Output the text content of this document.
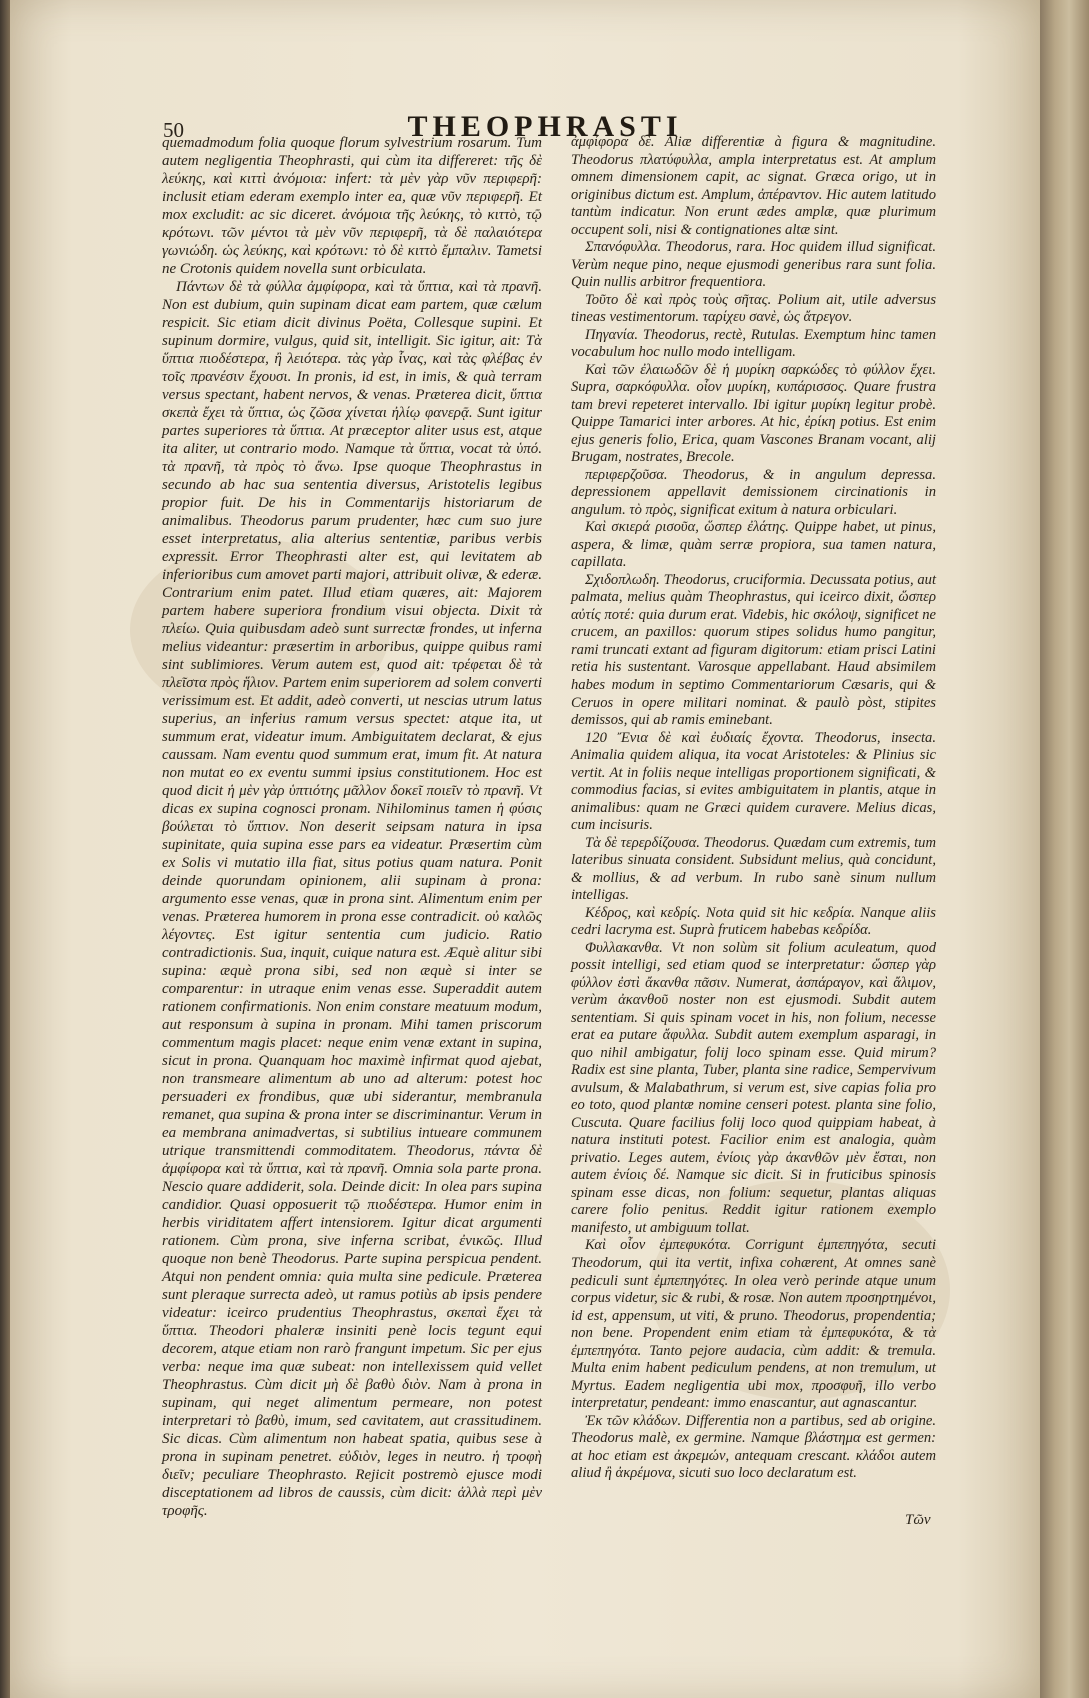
50	THEOPHRASTI

quemadmodum folia quoque florum sylvestrium rosarum. Tum autem negligentia Theophrasti, qui cùm ita differeret: τῆς δὲ λεύκης, καὶ κιττὶ ἀνόμοια: infert: τὰ μὲν γὰρ νῦν περιφερῆ: inclusit etiam ederam exemplo inter ea, quæ νῦν περιφερῆ. Et mox excludit: ac sic diceret. ἀνόμοια τῆς λεύκης, τὸ κιττὸ, τῷ κρότωνι. τῶν μέντοι τὰ μὲν νῦν περιφερῆ, τὰ δὲ παλαιότερα γωνιώδη. ὡς λεύκης, καὶ κρότωνι: τὸ δὲ κιττὸ ἔμπαλιν. Tametsi ne Crotonis quidem novella sunt orbiculata.

Πάντων δὲ τὰ φύλλα ἀμφίφορα, καὶ τὰ ὕπτια, καὶ τὰ πρανῆ. Non est dubium, quin supinam dicat eam partem, quæ cælum respicit. Sic etiam dicit divinus Poëta, Collesque supini. Et supinum dormire, vulgus, quid sit, intelligit. Sic igitur, ait: Τὰ ὕπτια πιοδέστερα, ἢ λειότερα. τὰς γὰρ ἶνας, καὶ τὰς φλέβας ἐν τοῖς πρανέσιν ἔχουσι. In pronis, id est, in imis, & quà terram versus spectant, habent nervos, & venas. Præterea dicit, ὕπτια σκεπὰ ἔχει τὰ ὕπτια, ὡς ζῶσα χίνεται ἠλίῳ φανερᾷ. Sunt igitur partes superiores τὰ ὕπτια. At præceptor aliter usus est, atque ita aliter, ut contrario modo. Namque τὰ ὕπτια, vocat τὰ ὑπό. τὰ πρανῆ, τὰ πρὸς τὸ ἄνω. Ipse quoque Theophrastus in secundo ab hac sua sententia diversus, Aristotelis legibus propior fuit. De his in Commentarijs historiarum de animalibus. Theodorus parum prudenter, hæc cum suo jure esset interpretatus, alia alterius sententiæ, paribus verbis expressit. Error Theophrasti alter est, qui levitatem ab inferioribus cum amovet parti majori, attribuit olivæ, & ederæ. Contrarium enim patet. Illud etiam quæres, ait: Majorem partem habere superiora frondium visui objecta. Dixit τὰ πλείω. Quia quibusdam adeò sunt surrectæ frondes, ut inferna melius videantur: præsertim in arboribus, quippe quibus rami sint sublimiores. Verum autem est, quod ait: τρέφεται δὲ τὰ πλεῖστα πρὸς ἥλιον. Partem enim superiorem ad solem converti verissimum est. Et addit, adeò converti, ut nescias utrum latus superius, an inferius ramum versus spectet: atque ita, ut summum erat, videatur imum. Ambiguitatem declarat, & ejus caussam. Nam eventu quod summum erat, imum fit. At natura non mutat eo ex eventu summi ipsius constitutionem. Hoc est quod dicit ἡ μὲν γὰρ ὑπτιότης μᾶλλον δοκεῖ ποιεῖν τὸ πρανῆ. Vt dicas ex supina cognosci pronam. Nihilominus tamen ἡ φύσις βούλεται τὸ ὕπτιον. Non deserit seipsam natura in ipsa supinitate, quia supina esse pars ea videatur. Præsertim cùm ex Solis vi mutatio illa fiat, situs potius quam natura. Ponit deinde quorundam opinionem, alii supinam à prona: argumento esse venas, quæ in prona sint. Alimentum enim per venas. Præterea humorem in prona esse contradicit. οὐ καλῶς λέγοντες. Est igitur sententia cum judicio. Ratio contradictionis. Sua, inquit, cuique natura est. Æquè alitur sibi supina: æquè prona sibi, sed non æquè si inter se comparentur: in utraque enim venas esse. Superaddit autem rationem confirmationis. Non enim constare meatuum modum, aut responsum à supina in pronam. Mihi tamen priscorum commentum magis placet: neque enim venæ extant in supina, sicut in prona. Quanquam hoc maximè infirmat quod ajebat, non transmeare alimentum ab uno ad alterum: potest hoc persuaderi ex frondibus, quæ ubi siderantur, membranula remanet, qua supina & prona inter se discriminantur. Verum in ea membrana animadvertas, si subtilius intueare communem utrique transmittendi commoditatem. Theodorus, πάντα δὲ ἀμφίφορα καὶ τὰ ὕπτια, καὶ τὰ πρανῆ. Omnia sola parte prona. Nescio quare addiderit, sola. Deinde dicit: In olea pars supina candidior. Quasi opposuerit τῷ πιοδέστερα. Humor enim in herbis viriditatem affert intensiorem. Igitur dicat argumenti rationem. Cùm prona, sive inferna scribat, ἐνικῶς. Illud quoque non benè Theodorus. Parte supina perspicua pendent. Atqui non pendent omnia: quia multa sine pedicule. Præterea sunt pleraque surrecta adeò, ut ramus potiùs ab ipsis pendere videatur: iceirco prudentius Theophrastus, σκεπαὶ ἔχει τὰ ὕπτια. Theodori phaleræ insiniti penè locis tegunt equi decorem, atque etiam non rarò frangunt impetum. Sic per ejus verba: neque ima quæ subeat: non intellexissem quid vellet Theophrastus. Cùm dicit μὴ δὲ βαθὺ διὸν. Nam à prona in supinam, qui neget alimentum permeare, non potest interpretari τὸ βαθὺ, imum, sed cavitatem, aut crassitudinem. Sic dicas. Cùm alimentum non habeat spatia, quibus sese à prona in supinam penetret. εὐδιὸν, leges in neutro. ἡ τροφὴ διεῖν; peculiare Theophrasto. Rejicit postremò ejusce modi disceptationem ad libros de caussis, cùm dicit: ἀλλὰ περὶ μὲν τροφῆς.

ἀμφίφορα δὲ. Aliæ differentiæ à figura & magnitudine. Theodorus πλατύφυλλα, ampla interpretatus est. At amplum omnem dimensionem capit, ac signat. Græca origo, ut in originibus dictum est. Amplum, ἀπέραντον. Hic autem latitudo tantùm indicatur. Non erunt ædes amplæ, quæ plurimum occupent soli, nisi & contignationes altæ sint.

Σπανόφυλλα. Theodorus, rara. Hoc quidem illud significat. Verùm neque pino, neque ejusmodi generibus rara sunt folia. Quin nullis arbitror frequentiora.

Τοῦτο δὲ καὶ πρὸς τοὺς σῆτας. Polium ait, utile adversus tineas vestimentorum. ταρίχευ σανὲ, ὡς ἄτρεγον.

Πηγανία. Theodorus, rectè, Rutulas. Exemptum hinc tamen vocabulum hoc nullo modo intelligam.

Καὶ τῶν ἐλαιωδῶν δὲ ἡ μυρίκη σαρκώδες τὸ φύλλον ἔχει. Supra, σαρκόφυλλα. οἷον μυρίκη, κυπάρισσος. Quare frustra tam brevi repeteret intervallo. Ibi igitur μυρίκη legitur probè. Quippe Tamarici inter arbores. At hic, ἐρίκη potius. Est enim ejus generis folio, Erica, quam Vascones Branam vocant, alij Brugam, nostrates, Brecole.

περιφερζοῦσα. Theodorus, & in angulum depressa. depressionem appellavit demissionem circinationis in angulum. τὸ πρὸς, significat exitum à natura orbiculari.

Καὶ σκιερά ρισοῦα, ὥσπερ ἐλάτης. Quippe habet, ut pinus, aspera, & limæ, quàm serræ propiora, sua tamen natura, capillata.

Σχιδοπλωδη. Theodorus, cruciformia. Decussata potius, aut palmata, melius quàm Theophrastus, qui iceirco dixit, ὥσπερ αὐτίς ποτέ: quia durum erat. Videbis, hic σκόλοψ, significet ne crucem, an paxillos: quorum stipes solidus humo pangitur, rami truncati extant ad figuram digitorum: etiam prisci Latini retia his sustentant. Varosque appellabant. Haud absimilem habes modum in septimo Commentariorum Cæsaris, qui & Ceruos in opere militari nominat. & paulò pòst, stipites demissos, qui ab ramis eminebant.

120 Ἔνια δὲ καὶ ἐυδιαίς ἔχοντα. Theodorus, insecta. Animalia quidem aliqua, ita vocat Aristoteles: & Plinius sic vertit. At in foliis neque intelligas proportionem significati, & commodius facias, si evites ambiguitatem in plantis, atque in animalibus: quam ne Græci quidem curavere. Melius dicas, cum incisuris.

Τὰ δὲ τερερδίζουσα. Theodorus. Quædam cum extremis, tum lateribus sinuata consident. Subsidunt melius, quà concidunt, & mollius, & ad verbum. In rubo sanè sinum nullum intelligas.

Κέδρος, καὶ κεδρίς. Nota quid sit hic κεδρία. Nanque aliis cedri lacryma est. Suprà fruticem habebas κεδρίδα.

Φυλλακανθα. Vt non solùm sit folium aculeatum, quod possit intelligi, sed etiam quod se interpretatur: ὥσπερ γὰρ φύλλον ἐστὶ ἄκανθα πᾶσιν. Numerat, ἀσπάραγον, καὶ ἄλιμον, verùm ἀκανθοῦ noster non est ejusmodi. Subdit autem sententiam. Si quis spinam vocet in his, non folium, necesse erat ea putare ἄφυλλα. Subdit autem exemplum asparagi, in quo nihil ambigatur, folij loco spinam esse. Quid mirum? Radix est sine planta, Tuber, planta sine radice, Sempervivum avulsum, & Malabathrum, si verum est, sive capias folia pro eo toto, quod plantæ nomine censeri potest. planta sine folio, Cuscuta. Quare facilius folij loco quod quippiam habeat, à natura instituti potest. Facilior enim est analogia, quàm privatio. Leges autem, ἐνίοις γὰρ ἀκανθῶν μὲν ἔσται, non autem ἐνίοις δέ. Namque sic dicit. Si in fruticibus spinosis spinam esse dicas, non folium: sequetur, plantas aliquas carere folio penitus. Reddit igitur rationem exemplo manifesto, ut ambiguum tollat.

Καὶ οἷον ἐμπεφυκότα. Corrigunt ἐμπεπηγότα, secuti Theodorum, qui ita vertit, infixa cohærent, At omnes sanè pediculi sunt ἐμπεπηγότες. In olea verò perinde atque unum corpus videtur, sic & rubi, & rosæ. Non autem προσηρτημένοι, id est, appensum, ut viti, & pruno. Theodorus, propendentia; non bene. Propendent enim etiam τὰ ἐμπεφυκότα, & τὰ ἐμπεπηγότα. Tanto pejore audacia, cùm addit: & tremula. Multa enim habent pediculum pendens, at non tremulum, ut Myrtus. Eadem negligentia ubi mox, προσφυῆ, illo verbo interpretatur, pendeant: immo enascantur, aut agnascantur.

Ἐκ τῶν κλάδων. Differentia non a partibus, sed ab origine. Theodorus malè, ex germine. Namque βλάστημα est germen: at hoc etiam est ἀκρεμών, antequam crescant. κλάδοι autem aliud ἢ ἀκρέμονα, sicuti suo loco declaratum est.

Τῶν
